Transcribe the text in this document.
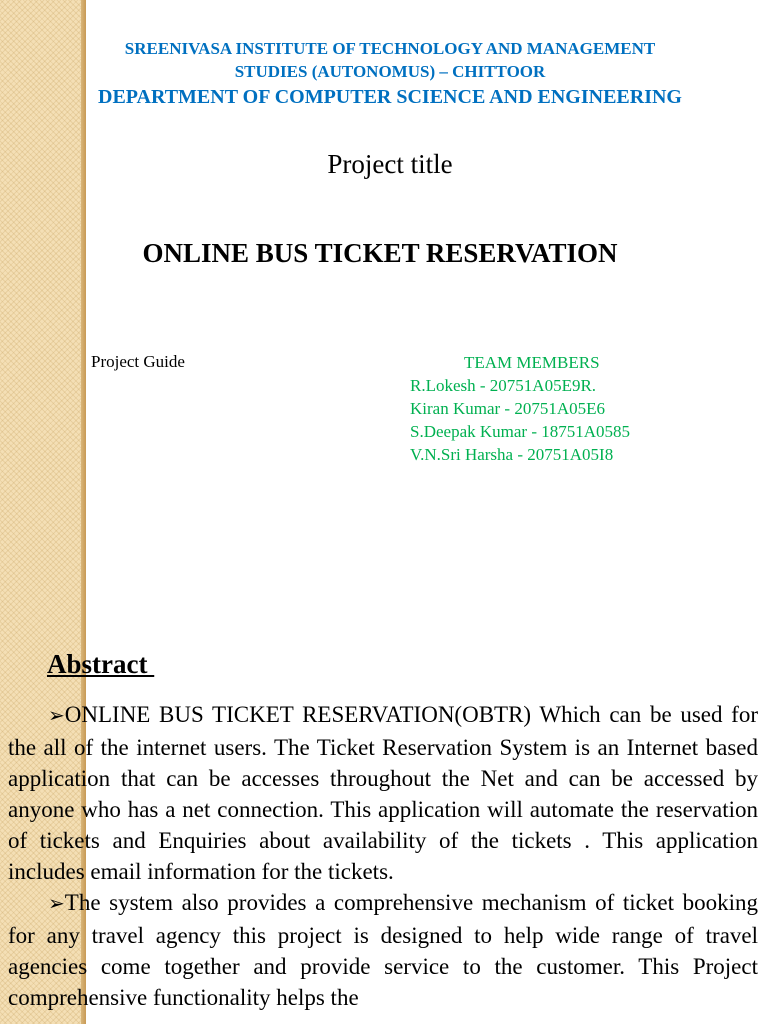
SREENIVASA INSTITUTE OF TECHNOLOGY AND MANAGEMENT
STUDIES (AUTONOMUS) – CHITTOOR
DEPARTMENT OF COMPUTER SCIENCE AND ENGINEERING
Project title
ONLINE BUS TICKET RESERVATION
Project Guide	TEAM MEMBERS
R.Lokesh - 20751A05E9R.
Kiran Kumar - 20751A05E6
S.Deepak Kumar - 18751A0585
V.N.Sri Harsha - 20751A05I8
Abstract

➢ONLINE BUS TICKET RESERVATION(OBTR) Which can be used for the all of the internet users. The Ticket Reservation System is an Internet based application that can be accesses throughout the Net and can be accessed by anyone who has a net connection. This application will automate the reservation of tickets and Enquiries about availability of the tickets . This application includes email information for the tickets.

➢The system also provides a comprehensive mechanism of ticket booking for any travel agency this project is designed to help wide range of travel agencies come together and provide service to the customer. This Project comprehensive functionality helps the
